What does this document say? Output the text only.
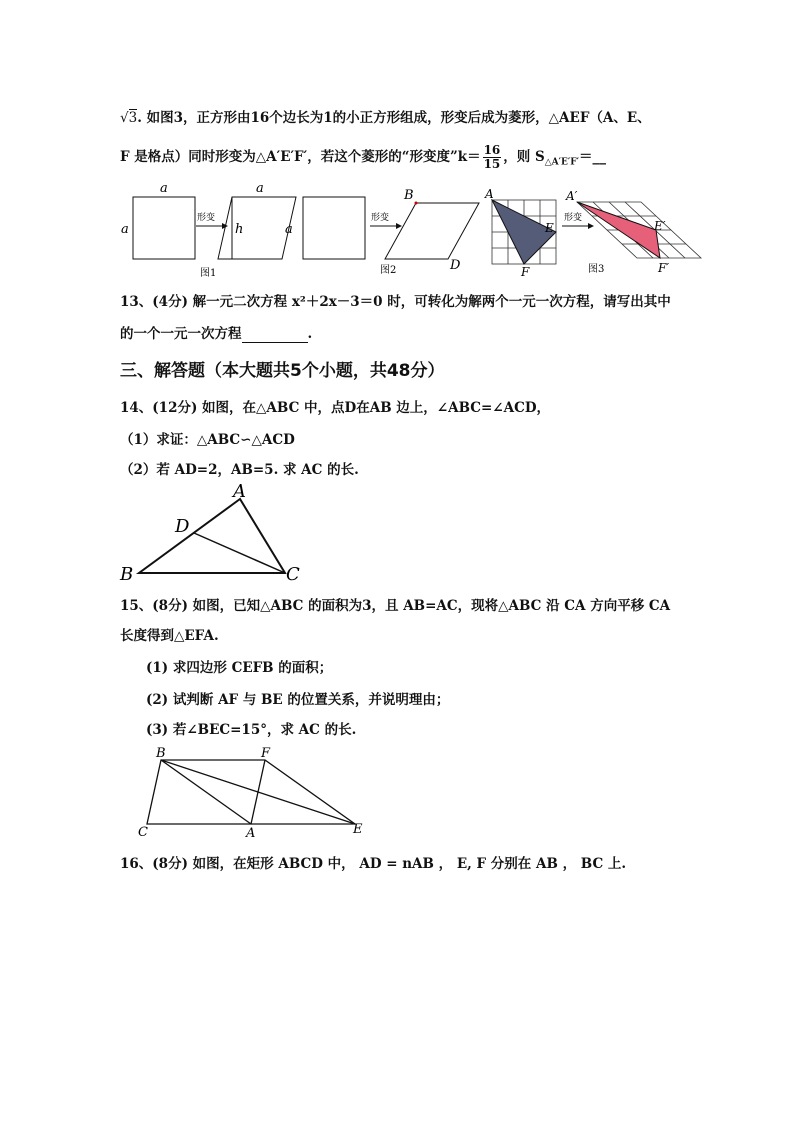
√3. 如图3，正方形由16个边长为1的小正方形组成，形变后成为菱形，△AEF（A、E、
F 是格点）同时形变为△A′E′F′，若这个菱形的“形变度”k＝ $\frac{16}{15}$ ，则 $S_{\triangle A'E'F'}=\_\_$
a
a
形变
a
h	a
图1
形变
B
D
图2
A
E
F
形变
A′
E′
F′
图3
13、(4分) 解一元二次方程 x²＋2x－3＝0 时，可转化为解两个一元一次方程，请写出其中
的一个一元一次方程	.
三、解答题（本大题共5个小题，共48分）
14、(12分) 如图，在△ABC 中，点D在AB 边上，∠ABC=∠ACD，
（1）求证：△ABC∽△ACD
（2）若 AD=2，AB=5. 求 AC 的长.
A
D
B	C
15、(8分) 如图，已知△ABC 的面积为3，且 AB=AC，现将△ABC 沿 CA 方向平移 CA
长度得到△EFA.
(1) 求四边形 CEFB 的面积；
(2) 试判断 AF 与 BE 的位置关系，并说明理由；
(3) 若∠BEC=15°，求 AC 的长.
B	F
C	A	E
16、(8分) 如图，在矩形 ABCD 中， AD = nAB ， E, F 分别在 AB ， BC 上.
